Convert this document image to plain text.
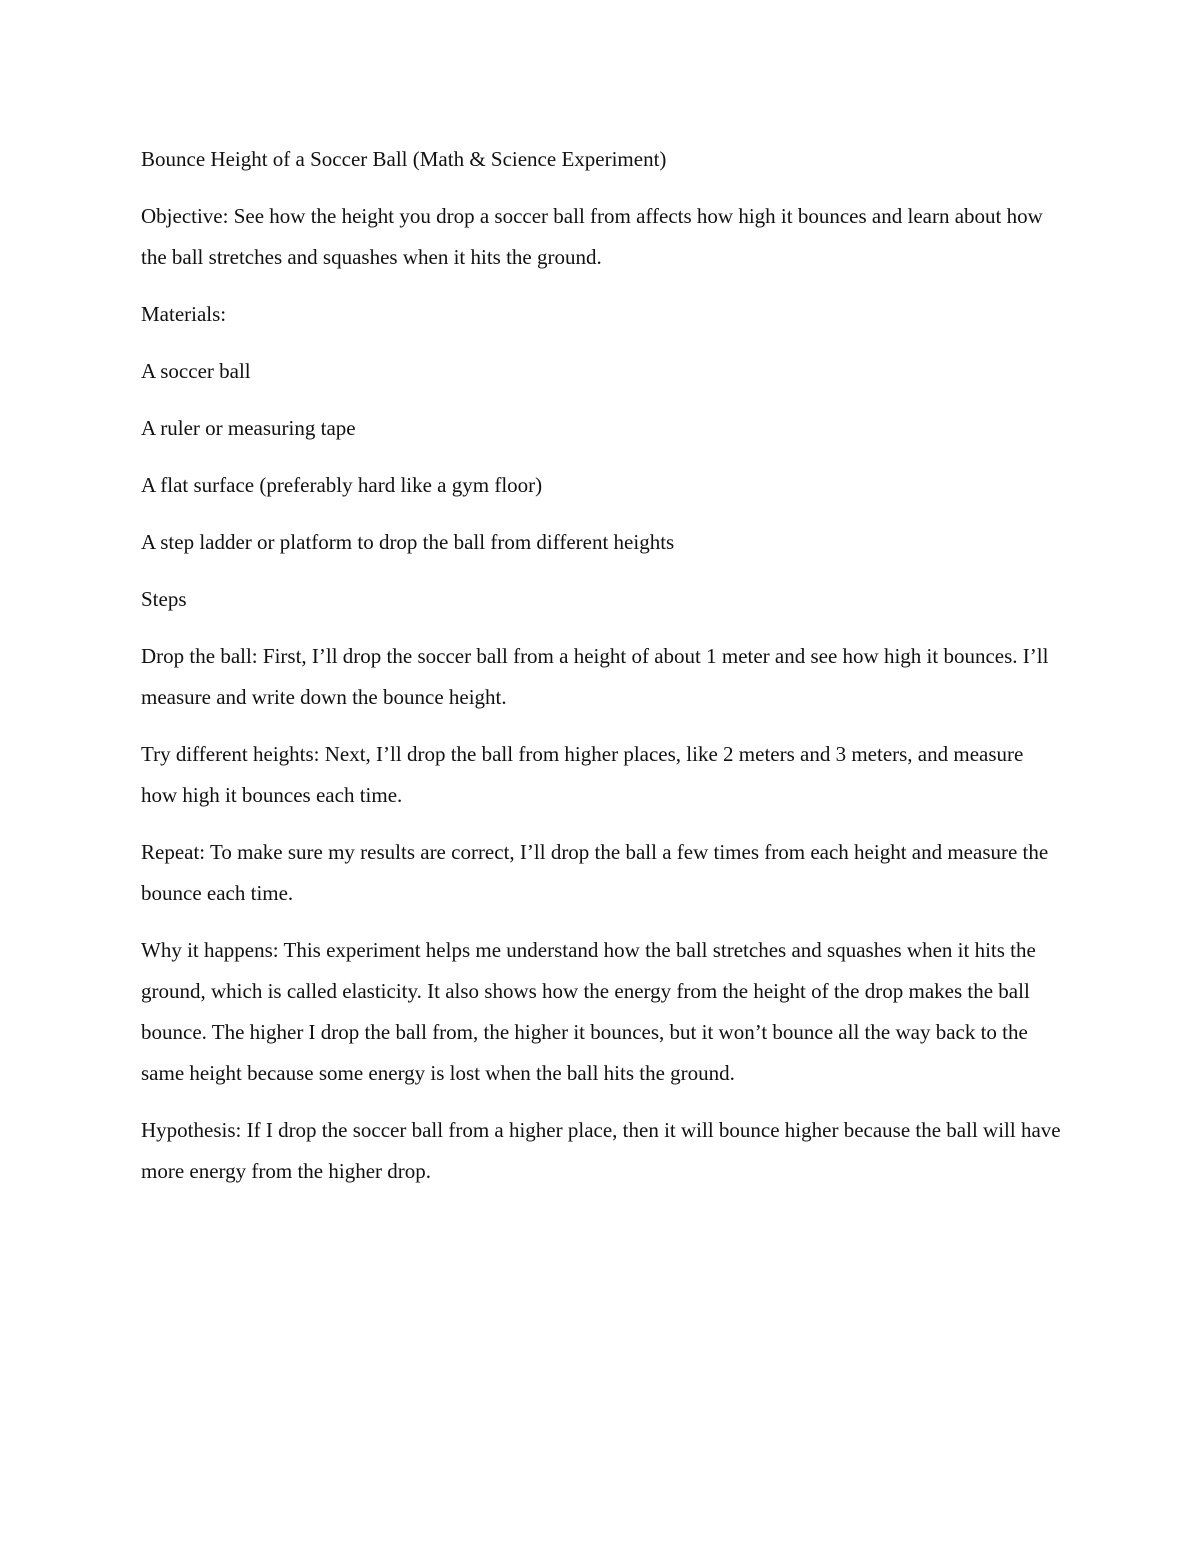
Bounce Height of a Soccer Ball (Math & Science Experiment)

Objective: See how the height you drop a soccer ball from affects how high it bounces and learn about how the ball stretches and squashes when it hits the ground.

Materials:

A soccer ball

A ruler or measuring tape

A flat surface (preferably hard like a gym floor)

A step ladder or platform to drop the ball from different heights

Steps

Drop the ball: First, I’ll drop the soccer ball from a height of about 1 meter and see how high it bounces. I’ll measure and write down the bounce height.

Try different heights: Next, I’ll drop the ball from higher places, like 2 meters and 3 meters, and measure how high it bounces each time.

Repeat: To make sure my results are correct, I’ll drop the ball a few times from each height and measure the bounce each time.

Why it happens: This experiment helps me understand how the ball stretches and squashes when it hits the ground, which is called elasticity. It also shows how the energy from the height of the drop makes the ball bounce. The higher I drop the ball from, the higher it bounces, but it won’t bounce all the way back to the same height because some energy is lost when the ball hits the ground.

Hypothesis: If I drop the soccer ball from a higher place, then it will bounce higher because the ball will have more energy from the higher drop.
